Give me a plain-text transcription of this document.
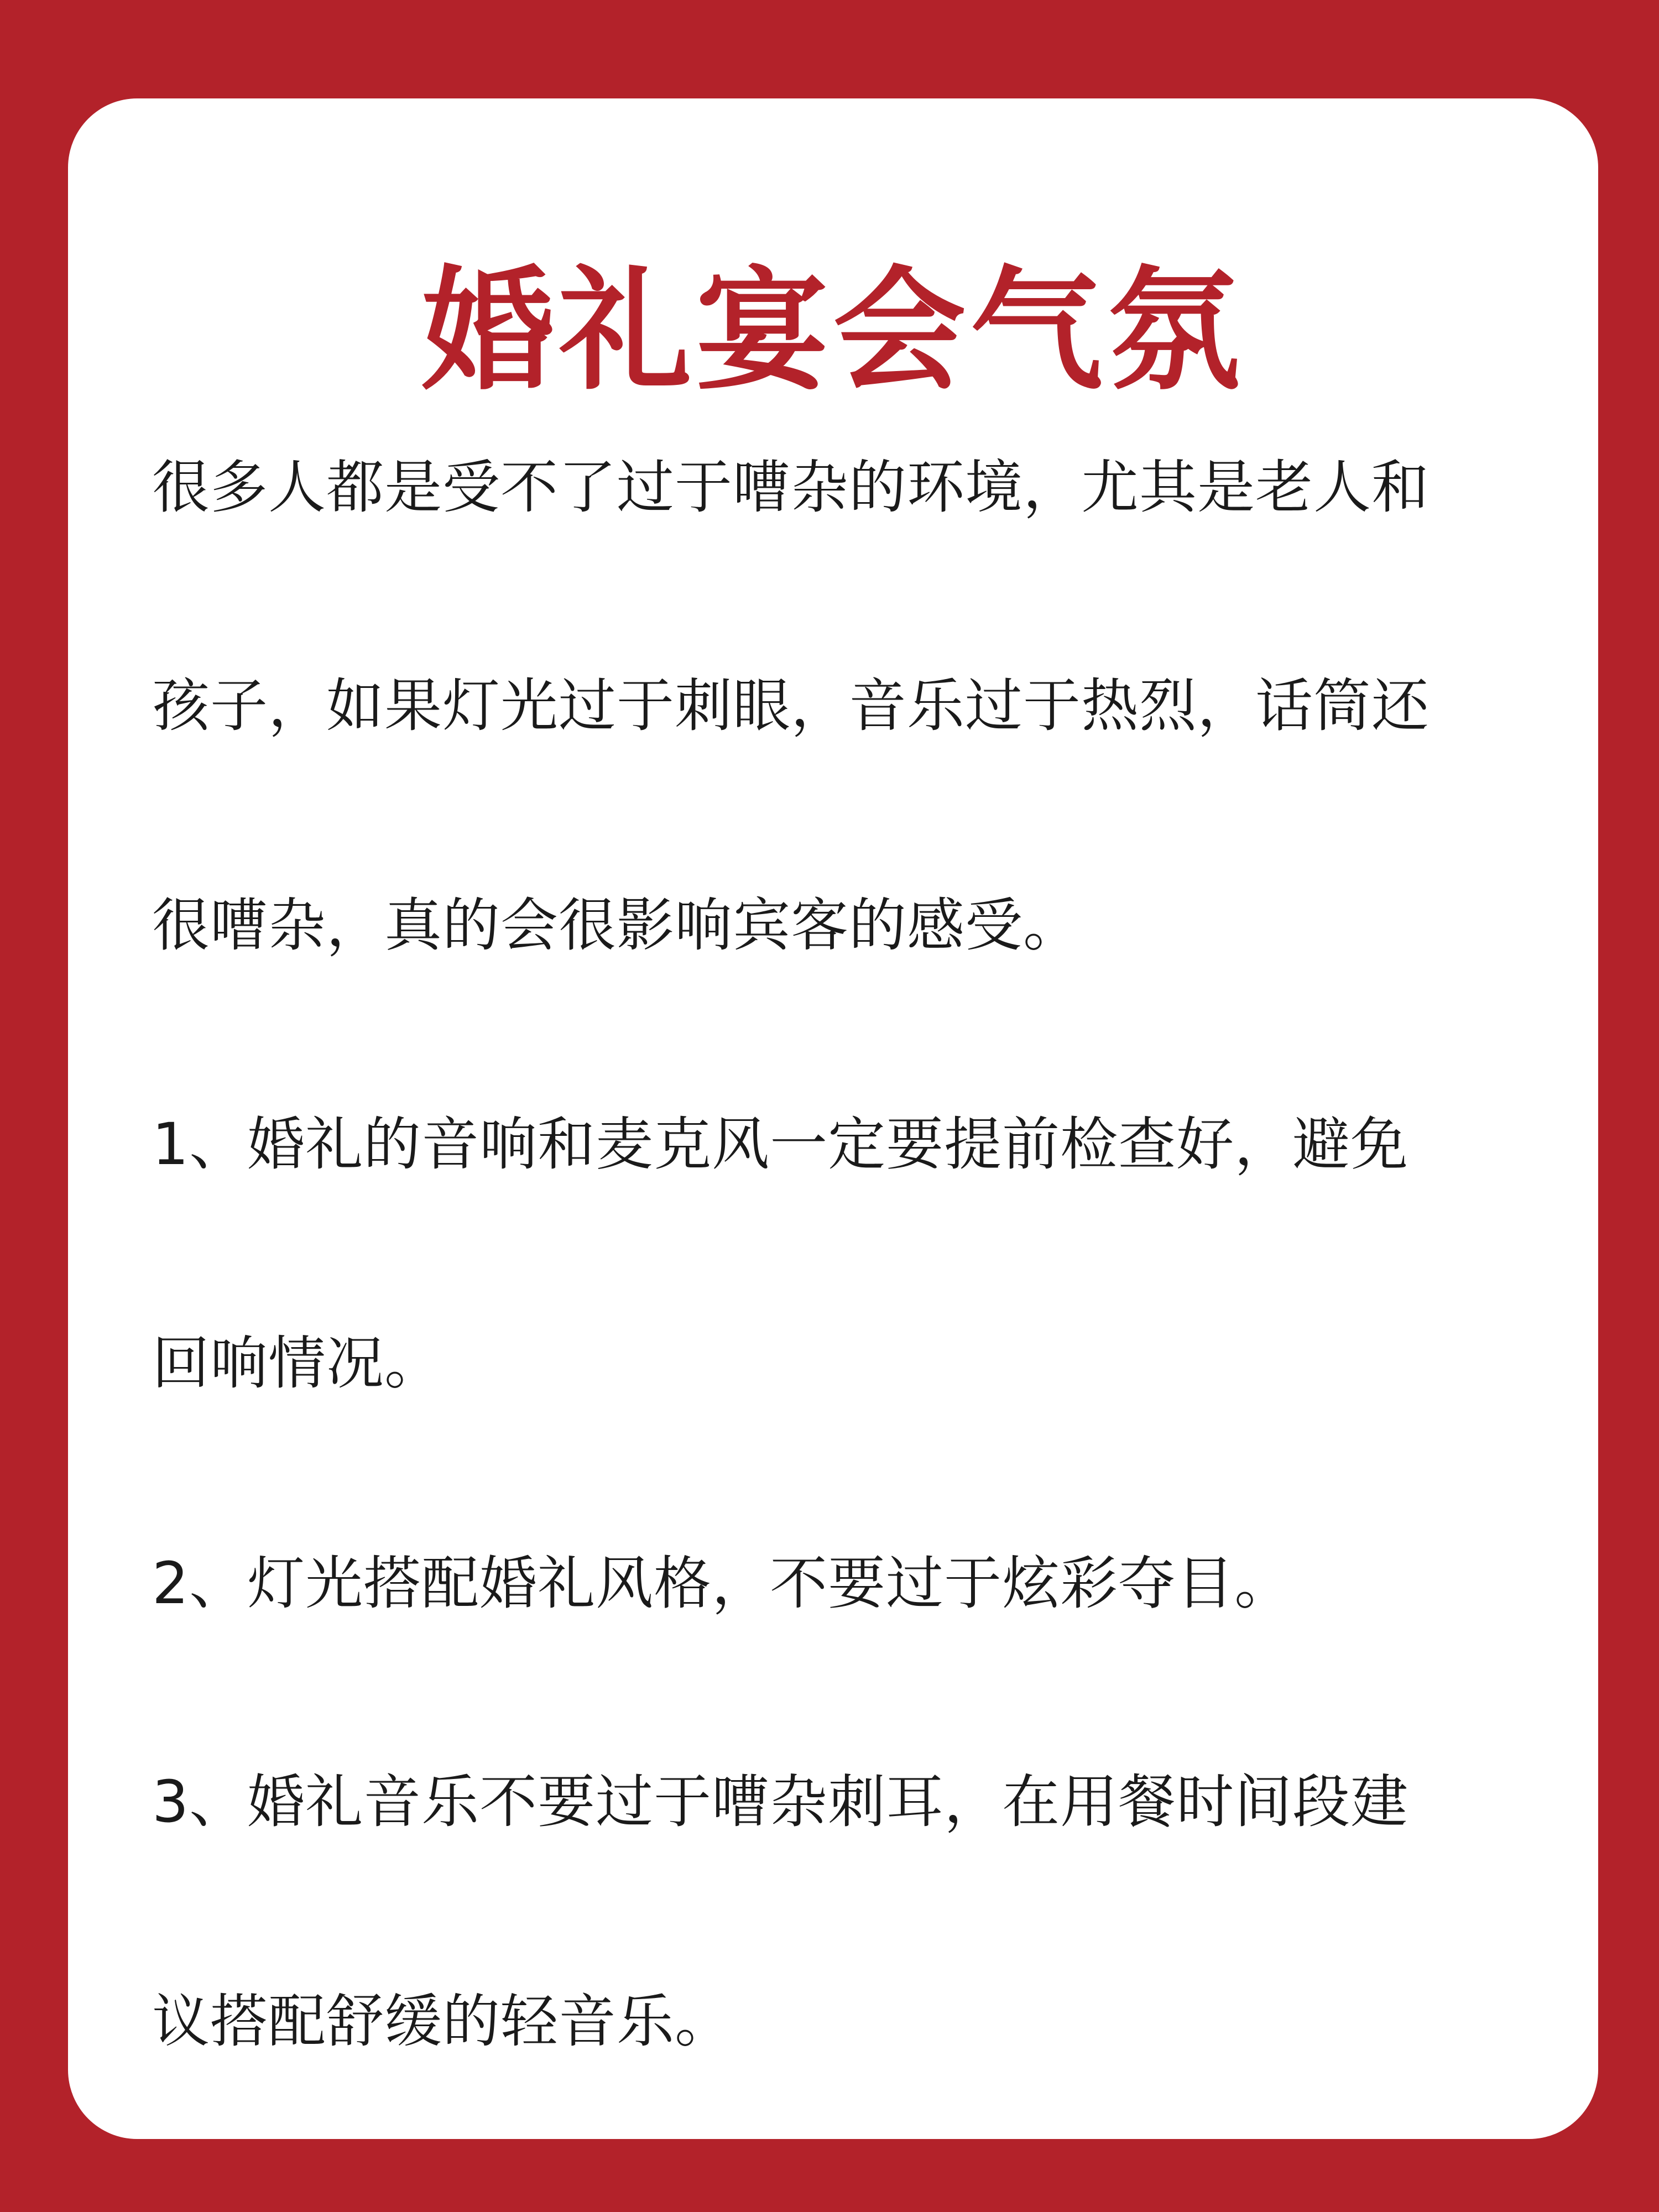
婚礼宴会气氛
很多人都是受不了过于嘈杂的环境，尤其是老人和
孩子，如果灯光过于刺眼，音乐过于热烈，话筒还
很嘈杂，真的会很影响宾客的感受。
1、婚礼的音响和麦克风一定要提前检查好，避免
回响情况。
2、灯光搭配婚礼风格，不要过于炫彩夺目。
3、婚礼音乐不要过于嘈杂刺耳，在用餐时间段建
议搭配舒缓的轻音乐。
